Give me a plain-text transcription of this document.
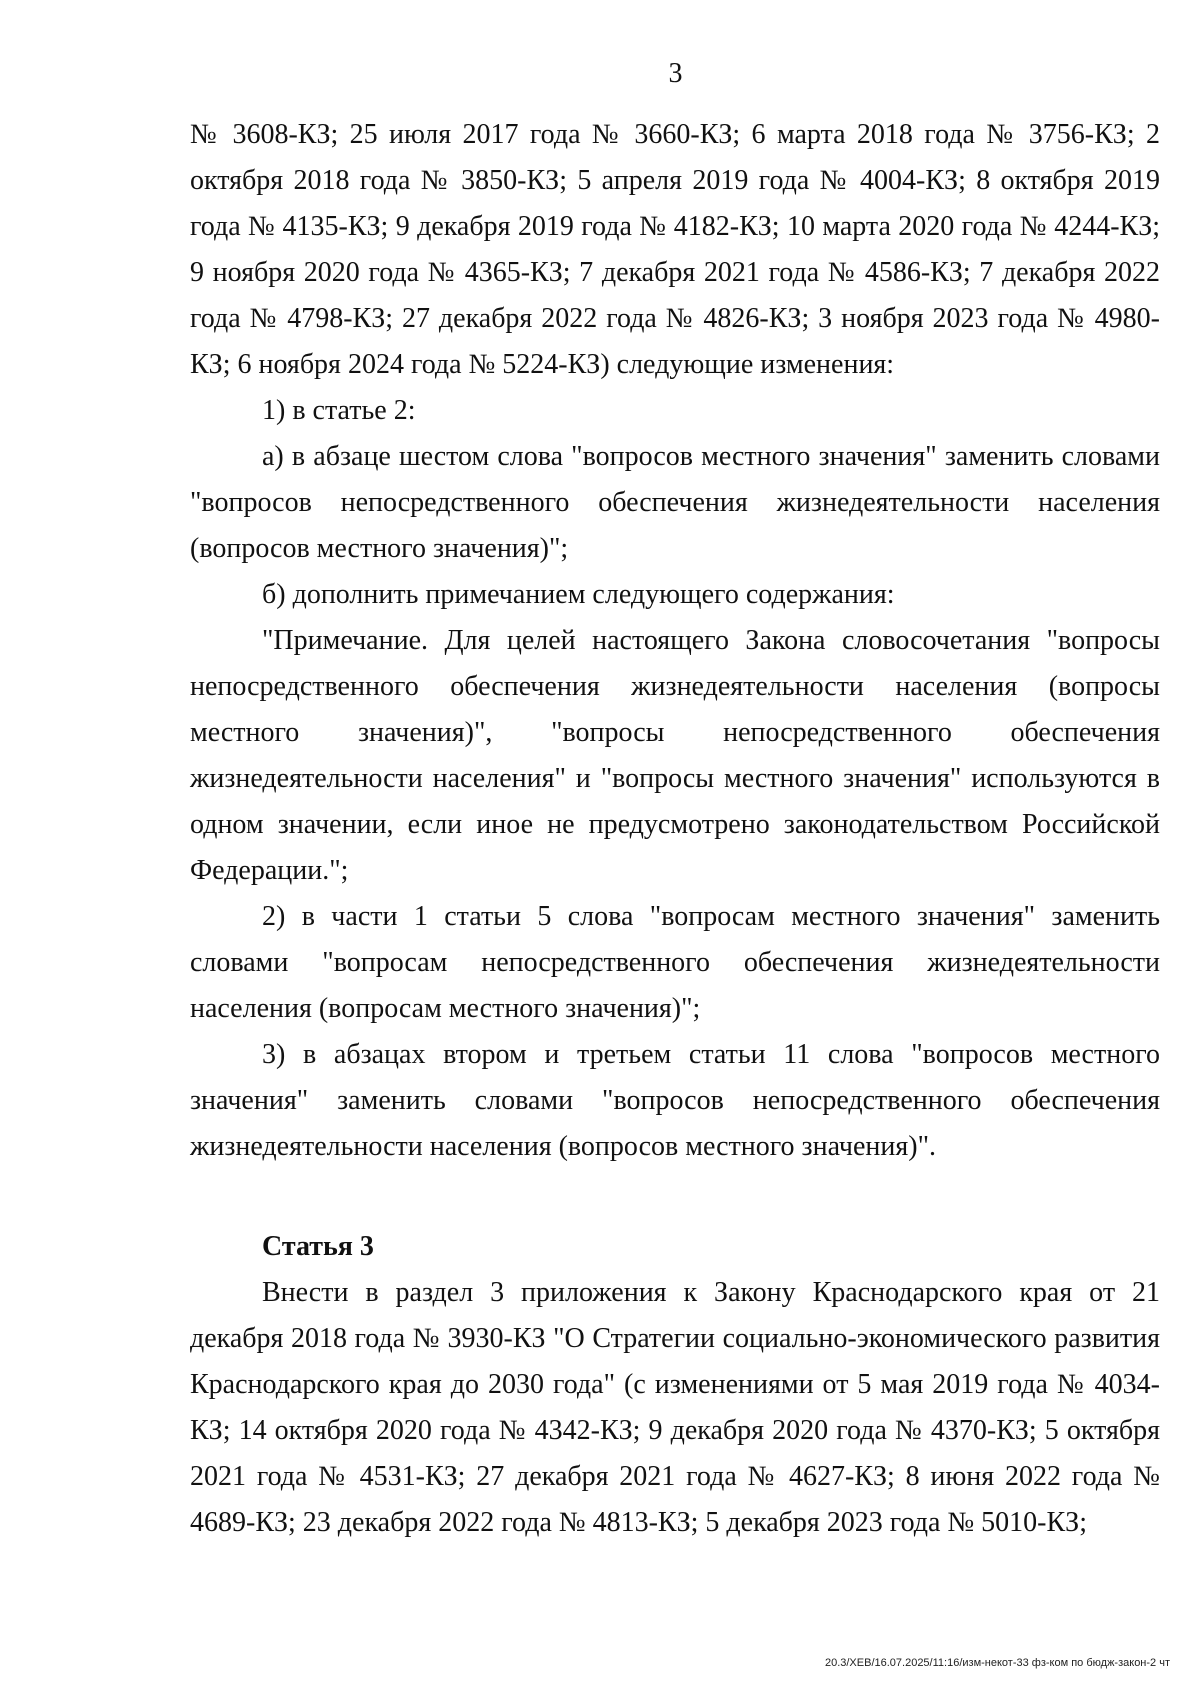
3

№ 3608-КЗ; 25 июля 2017 года № 3660-КЗ; 6 марта 2018 года № 3756-КЗ; 2 октября 2018 года № 3850-КЗ; 5 апреля 2019 года № 4004-КЗ; 8 октября 2019 года № 4135-КЗ; 9 декабря 2019 года № 4182-КЗ; 10 марта 2020 года № 4244-КЗ; 9 ноября 2020 года № 4365-КЗ; 7 декабря 2021 года № 4586-КЗ; 7 декабря 2022 года № 4798-КЗ; 27 декабря 2022 года № 4826-КЗ; 3 ноября 2023 года № 4980-КЗ; 6 ноября 2024 года № 5224-КЗ) следующие изменения:

1) в статье 2:

а) в абзаце шестом слова "вопросов местного значения" заменить словами "вопросов непосредственного обеспечения жизнедеятельности населения (вопросов местного значения)";

б) дополнить примечанием следующего содержания:

"Примечание. Для целей настоящего Закона словосочетания "вопросы непосредственного обеспечения жизнедеятельности населения (вопросы местного значения)", "вопросы непосредственного обеспечения жизнедеятельности населения" и "вопросы местного значения" используются в одном значении, если иное не предусмотрено законодательством Российской Федерации.";

2) в части 1 статьи 5 слова "вопросам местного значения" заменить словами "вопросам непосредственного обеспечения жизнедеятельности населения (вопросам местного значения)";

3) в абзацах втором и третьем статьи 11 слова "вопросов местного значения" заменить словами "вопросов непосредственного обеспечения жизнедеятельности населения (вопросов местного значения)".

Статья 3

Внести в раздел 3 приложения к Закону Краснодарского края от 21 декабря 2018 года № 3930-КЗ "О Стратегии социально-экономического развития Краснодарского края до 2030 года" (с изменениями от 5 мая 2019 года № 4034-КЗ; 14 октября 2020 года № 4342-КЗ; 9 декабря 2020 года № 4370-КЗ; 5 октября 2021 года № 4531-КЗ; 27 декабря 2021 года № 4627-КЗ; 8 июня 2022 года № 4689-КЗ; 23 декабря 2022 года № 4813-КЗ; 5 декабря 2023 года № 5010-КЗ;

20.3/ХЕВ/16.07.2025/11:16/изм-некот-33 фз-ком по бюдж-закон-2 чт
